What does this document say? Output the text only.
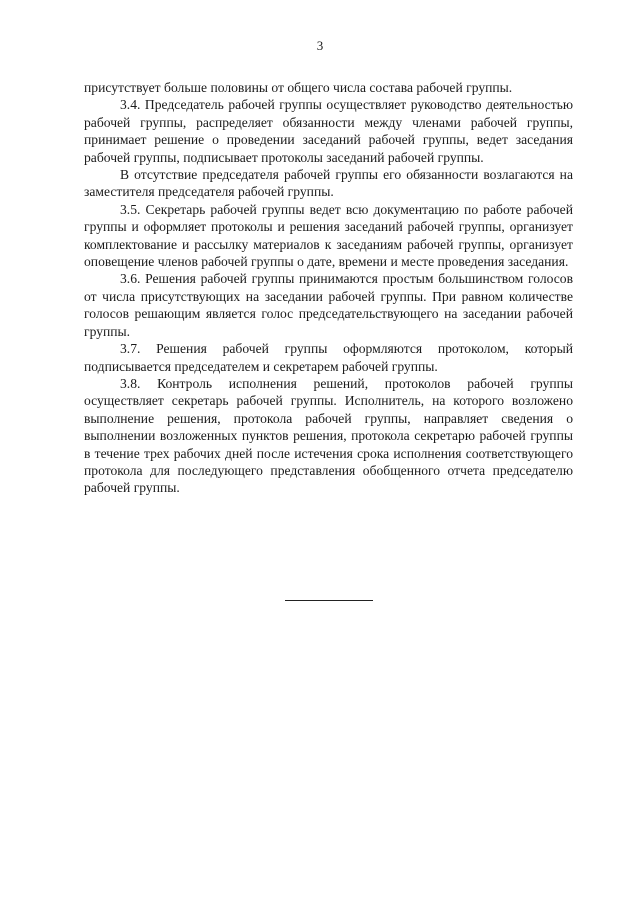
3

присутствует больше половины от общего числа состава рабочей группы.

3.4. Председатель рабочей группы осуществляет руководство деятельностью рабочей группы, распределяет обязанности между членами рабочей группы, принимает решение о проведении заседаний рабочей группы, ведет заседания рабочей группы, подписывает протоколы заседаний рабочей группы.

В отсутствие председателя рабочей группы его обязанности возлагаются на заместителя председателя рабочей группы.

3.5. Секретарь рабочей группы ведет всю документацию по работе рабочей группы и оформляет протоколы и решения заседаний рабочей группы, организует комплектование и рассылку материалов к заседаниям рабочей группы, организует оповещение членов рабочей группы о дате, времени и месте проведения заседания.

3.6. Решения рабочей группы принимаются простым большинством голосов от числа присутствующих на заседании рабочей группы. При равном количестве голосов решающим является голос председательствующего на заседании рабочей группы.

3.7. Решения рабочей группы оформляются протоколом, который подписывается председателем и секретарем рабочей группы.

3.8. Контроль исполнения решений, протоколов рабочей группы осуществляет секретарь рабочей группы. Исполнитель, на которого возложено выполнение решения, протокола рабочей группы, направляет сведения о выполнении возложенных пунктов решения, протокола секретарю рабочей группы в течение трех рабочих дней после истечения срока исполнения соответствующего протокола для последующего представления обобщенного отчета председателю рабочей группы.
